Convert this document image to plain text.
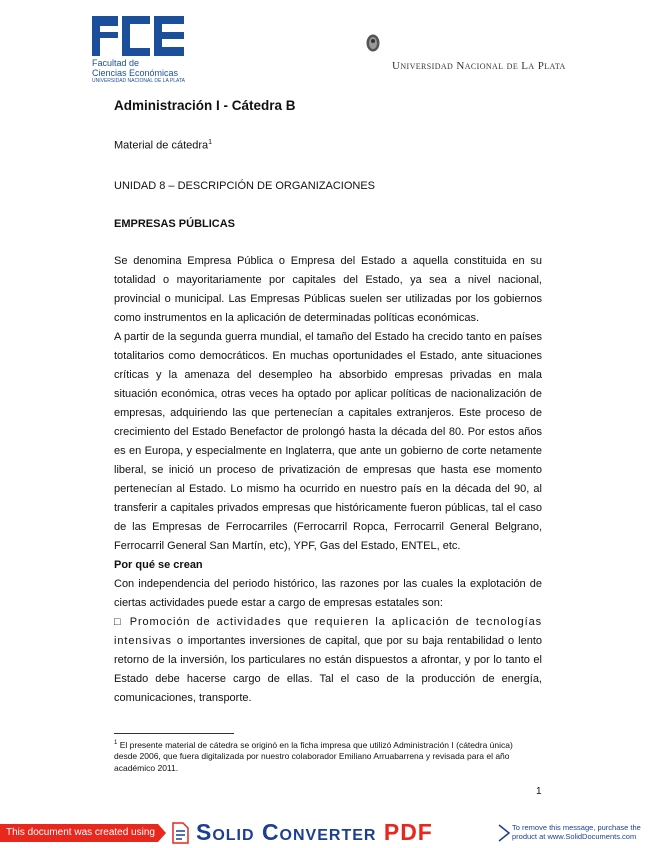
Facultad de
Ciencias Económicas
UNIVERSIDAD NACIONAL DE LA PLATA
Universidad Nacional de La Plata
Administración I - Cátedra B
Material de cátedra$^1$
UNIDAD 8 – DESCRIPCIÓN DE ORGANIZACIONES
EMPRESAS PÚBLICAS

Se denomina Empresa Pública o Empresa del Estado a aquella constituida en su totalidad o mayoritariamente por capitales del Estado, ya sea a nivel nacional, provincial o municipal. Las Empresas Públicas suelen ser utilizadas por los gobiernos como instrumentos en la aplicación de determinadas políticas económicas.

A partir de la segunda guerra mundial, el tamaño del Estado ha crecido tanto en países totalitarios como democráticos. En muchas oportunidades el Estado, ante situaciones críticas y la amenaza del desempleo ha absorbido empresas privadas en mala situación económica, otras veces ha optado por aplicar políticas de nacionalización de empresas, adquiriendo las que pertenecían a capitales extranjeros. Este proceso de crecimiento del Estado Benefactor de prolongó hasta la década del 80. Por estos años es en Europa, y especialmente en Inglaterra, que ante un gobierno de corte netamente liberal, se inició un proceso de privatización de empresas que hasta ese momento pertenecían al Estado. Lo mismo ha ocurrido en nuestro país en la década del 90, al transferir a capitales privados empresas que históricamente fueron públicas, tal el caso de las Empresas de Ferrocarriles (Ferrocarril Ropca, Ferrocarril General Belgrano, Ferrocarril General San Martín, etc), YPF, Gas del Estado, ENTEL, etc.

Por qué se crean

Con independencia del periodo histórico, las razones por las cuales la explotación de ciertas actividades puede estar a cargo de empresas estatales son:

□ Promoción de actividades que requieren la aplicación de tecnologías intensivas o importantes inversiones de capital, que por su baja rentabilidad o lento retorno de la inversión, los particulares no están dispuestos a afrontar, y por lo tanto el Estado debe hacerse cargo de ellas. Tal el caso de la producción de energía, comunicaciones, transporte.

$^1$ El presente material de cátedra se originó en la ficha impresa que utilizó Administración I (cátedra única) desde 2006, que fuera digitalizada por nuestro colaborador Emiliano Arruabarrena y revisada para el año académico 2011.
1
This document was created using Solid Converter PDF	To remove this message, purchase the
product at www.SolidDocuments.com
